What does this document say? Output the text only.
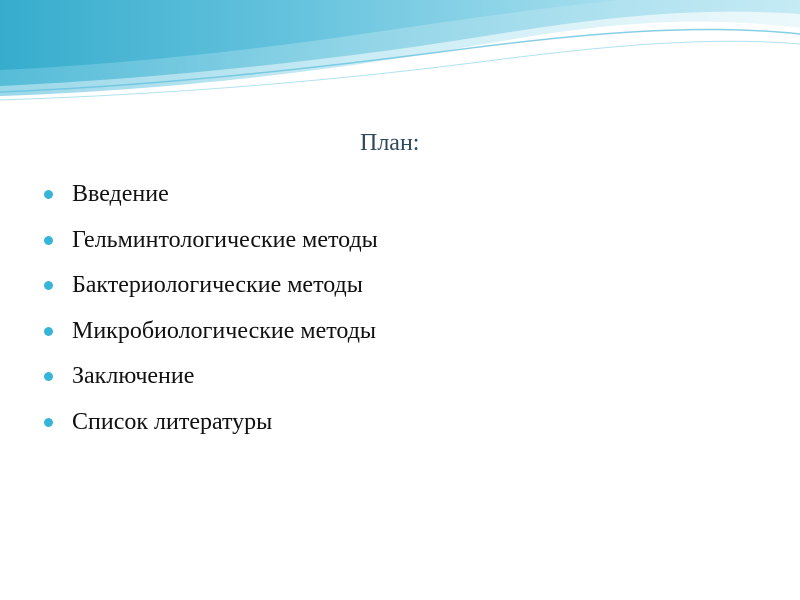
План:
Введение
Гельминтологические методы
Бактериологические методы
Микробиологические методы
Заключение
Список литературы
